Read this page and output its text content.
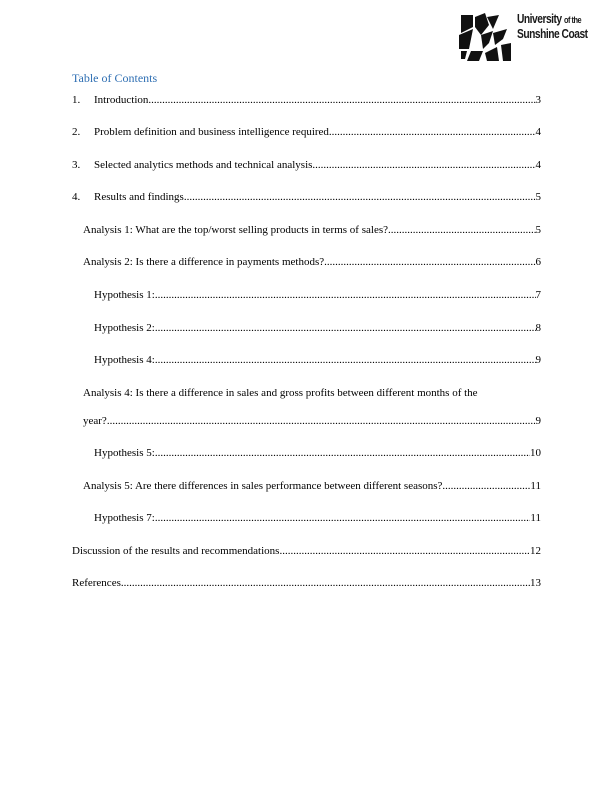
University of the
Sunshine Coast
Table of Contents
1.	Introduction .....	3
2.	Problem definition and business intelligence required .....	4
3.	Selected analytics methods and technical analysis .....	4
4.	Results and findings .....	5
Analysis 1: What are the top/worst selling products in terms of sales? .....	5
Analysis 2: Is there a difference in payments methods? .....	6
Hypothesis 1: .....	7
Hypothesis 2: .....	8
Hypothesis 4: .....	9
Analysis 4: Is there a difference in sales and gross profits between different months of the
year? .....	9
Hypothesis 5: .....	10
Analysis 5: Are there differences in sales performance between different seasons? .....	11
Hypothesis 7: .....	11
Discussion of the results and recommendations .....	12
References .....	13
